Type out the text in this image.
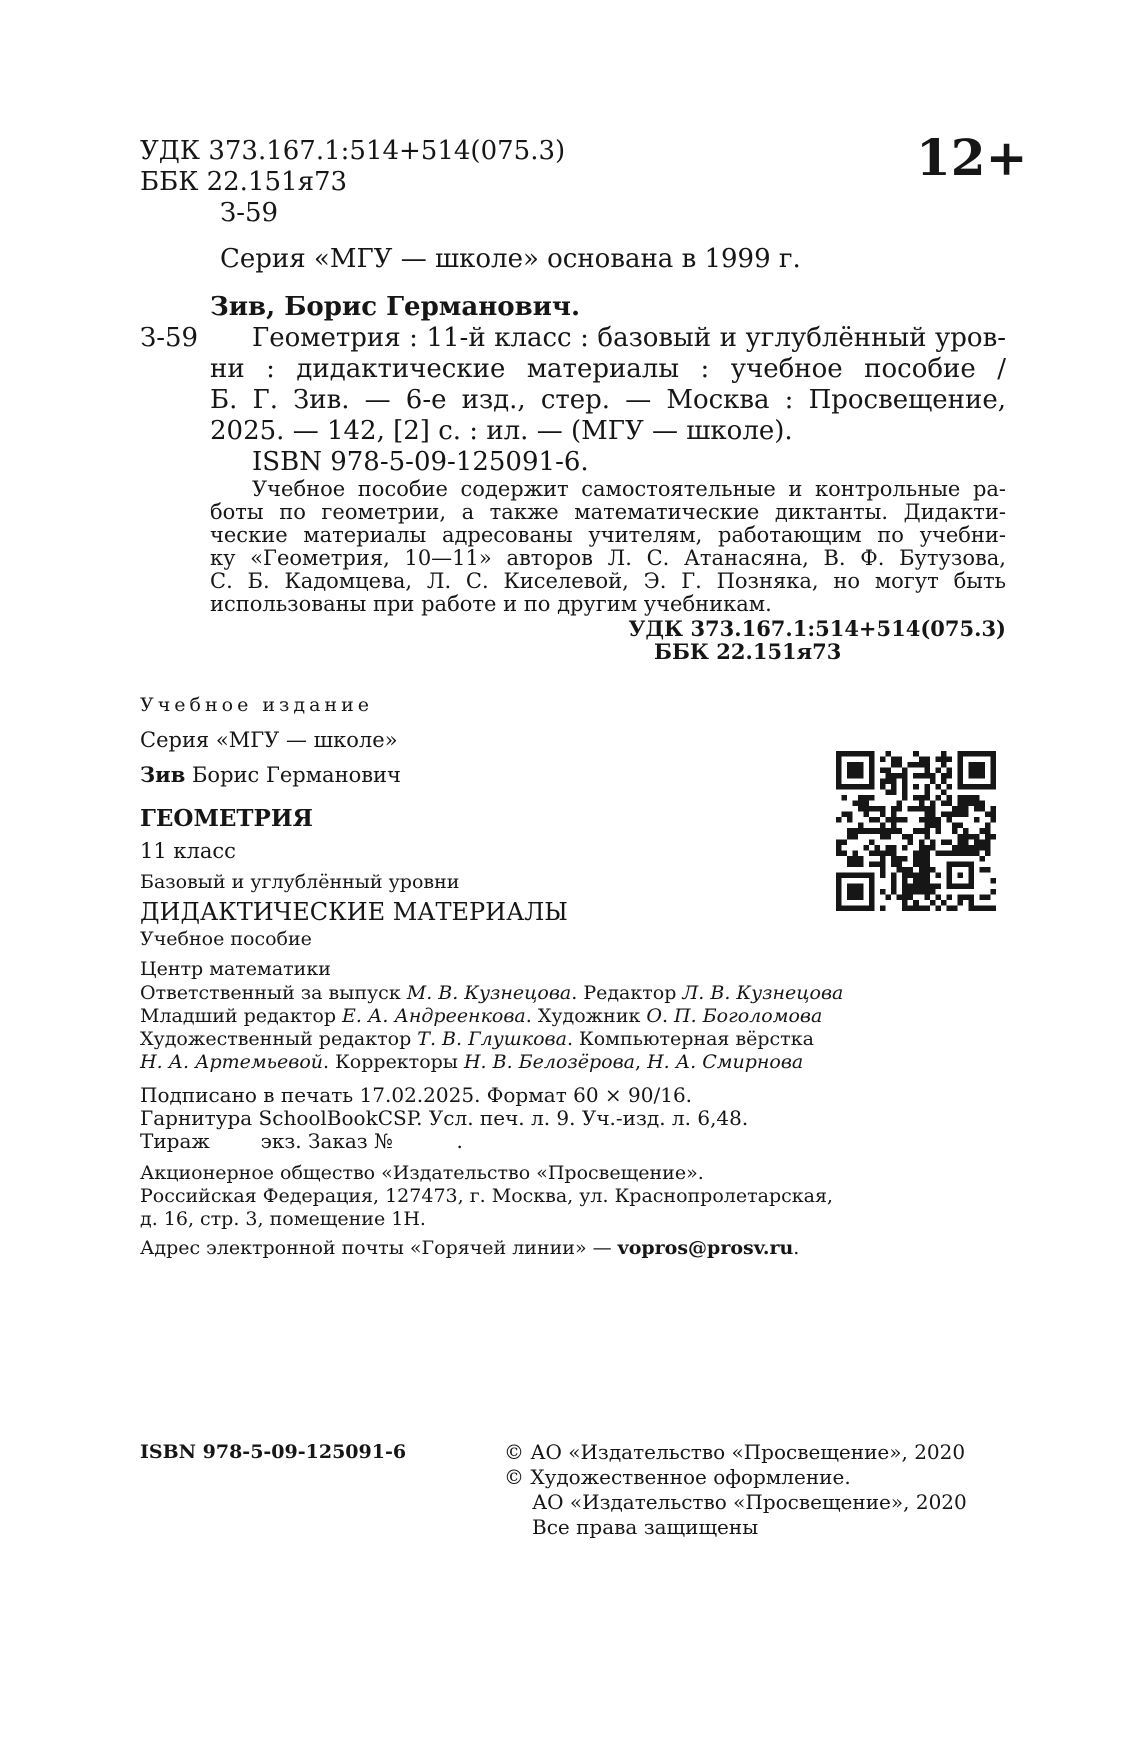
УДК 373.167.1:514+514(075.3)
ББК 22.151я73
З-59
12+
Серия «МГУ — школе» основана в 1999 г.
Зив, Борис Германович.
З-59 Геометрия : 11-й класс : базовый и углублённый уров-
ни : дидактические материалы : учебное пособие /
Б. Г. Зив. — 6-е изд., стер. — Москва : Просвещение,
2025. — 142, [2] с. : ил. — (МГУ — школе).
ISBN 978-5-09-125091-6.
Учебное пособие содержит самостоятельные и контрольные ра-
боты по геометрии, а также математические диктанты. Дидакти-
ческие материалы адресованы учителям, работающим по учебни-
ку «Геометрия, 10—11» авторов Л. С. Атанасяна, В. Ф. Бутузова,
С. Б. Кадомцева, Л. С. Киселевой, Э. Г. Позняка, но могут быть
использованы при работе и по другим учебникам.
УДК 373.167.1:514+514(075.3)
ББК 22.151я73
Учебное издание
Серия «МГУ — школе»
Зив Борис Германович
ГЕОМЕТРИЯ
11 класс
Базовый и углублённый уровни
ДИДАКТИЧЕСКИЕ МАТЕРИАЛЫ
Учебное пособие
Центр математики
Ответственный за выпуск М. В. Кузнецова. Редактор Л. В. Кузнецова
Младший редактор Е. А. Андреенкова. Художник О. П. Боголомова
Художественный редактор Т. В. Глушкова. Компьютерная вёрстка
Н. А. Артемьевой. Корректоры Н. В. Белозёрова, Н. А. Смирнова
Подписано в печать 17.02.2025. Формат 60 × 90/16.
Гарнитура SchoolBookCSP. Усл. печ. л. 9. Уч.-изд. л. 6,48.
Тираж        экз. Заказ №          .
Акционерное общество «Издательство «Просвещение».
Российская Федерация, 127473, г. Москва, ул. Краснопролетарская,
д. 16, стр. 3, помещение 1Н.
Адрес электронной почты «Горячей линии» — vopros@prosv.ru.
ISBN 978-5-09-125091-6	© АО «Издательство «Просвещение», 2020
© Художественное оформление.
АО «Издательство «Просвещение», 2020
Все права защищены
